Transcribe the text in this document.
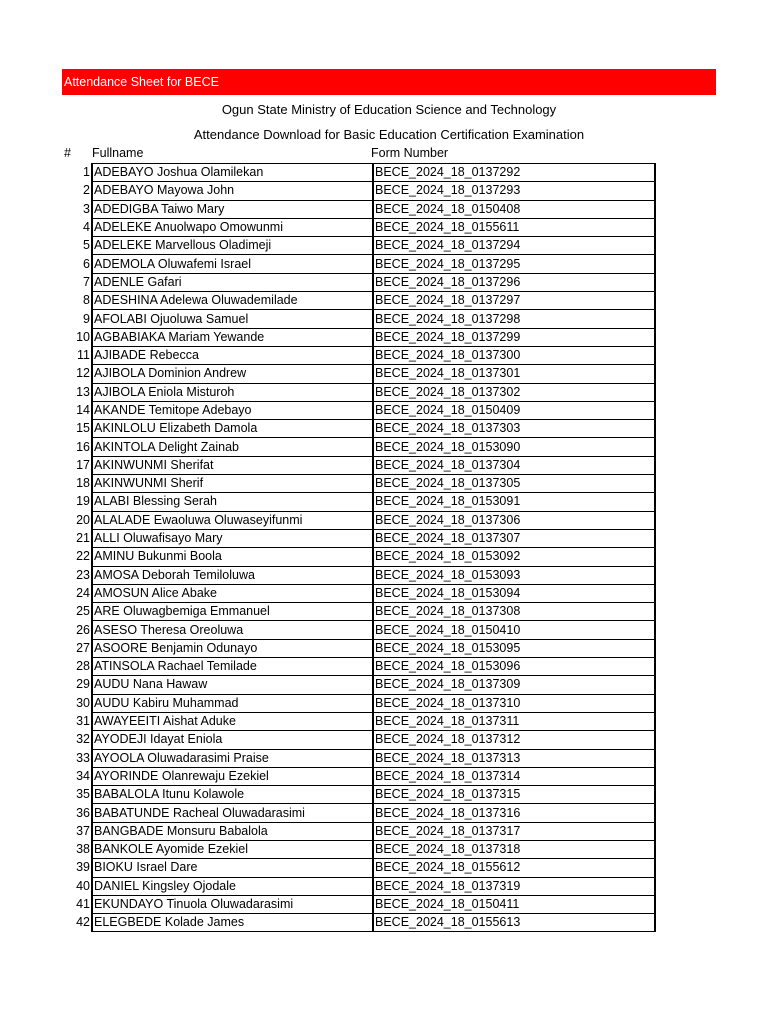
Attendance Sheet for BECE
Ogun State Ministry of Education Science and Technology
Attendance Download for Basic Education Certification Examination
# Fullname	Form Number
1	ADEBAYO Joshua Olamilekan	BECE_2024_18_0137292
2	ADEBAYO Mayowa John	BECE_2024_18_0137293
3	ADEDIGBA Taiwo Mary	BECE_2024_18_0150408
4	ADELEKE Anuolwapo Omowunmi	BECE_2024_18_0155611
5	ADELEKE Marvellous Oladimeji	BECE_2024_18_0137294
6	ADEMOLA Oluwafemi Israel	BECE_2024_18_0137295
7	ADENLE Gafari	BECE_2024_18_0137296
8	ADESHINA Adelewa Oluwademilade	BECE_2024_18_0137297
9	AFOLABI Ojuoluwa Samuel	BECE_2024_18_0137298
10	AGBABIAKA Mariam Yewande	BECE_2024_18_0137299
11	AJIBADE Rebecca	BECE_2024_18_0137300
12	AJIBOLA Dominion Andrew	BECE_2024_18_0137301
13	AJIBOLA Eniola Misturoh	BECE_2024_18_0137302
14	AKANDE Temitope Adebayo	BECE_2024_18_0150409
15	AKINLOLU Elizabeth Damola	BECE_2024_18_0137303
16	AKINTOLA Delight Zainab	BECE_2024_18_0153090
17	AKINWUNMI Sherifat	BECE_2024_18_0137304
18	AKINWUNMI Sherif	BECE_2024_18_0137305
19	ALABI Blessing Serah	BECE_2024_18_0153091
20	ALALADE Ewaoluwa Oluwaseyifunmi	BECE_2024_18_0137306
21	ALLI Oluwafisayo Mary	BECE_2024_18_0137307
22	AMINU Bukunmi Boola	BECE_2024_18_0153092
23	AMOSA Deborah Temiloluwa	BECE_2024_18_0153093
24	AMOSUN Alice Abake	BECE_2024_18_0153094
25	ARE Oluwagbemiga Emmanuel	BECE_2024_18_0137308
26	ASESO Theresa Oreoluwa	BECE_2024_18_0150410
27	ASOORE Benjamin Odunayo	BECE_2024_18_0153095
28	ATINSOLA Rachael Temilade	BECE_2024_18_0153096
29	AUDU Nana Hawaw	BECE_2024_18_0137309
30	AUDU Kabiru Muhammad	BECE_2024_18_0137310
31	AWAYEEITI Aishat Aduke	BECE_2024_18_0137311
32	AYODEJI Idayat Eniola	BECE_2024_18_0137312
33	AYOOLA Oluwadarasimi Praise	BECE_2024_18_0137313
34	AYORINDE Olanrewaju Ezekiel	BECE_2024_18_0137314
35	BABALOLA Itunu Kolawole	BECE_2024_18_0137315
36	BABATUNDE Racheal Oluwadarasimi	BECE_2024_18_0137316
37	BANGBADE Monsuru Babalola	BECE_2024_18_0137317
38	BANKOLE Ayomide Ezekiel	BECE_2024_18_0137318
39	BIOKU Israel Dare	BECE_2024_18_0155612
40	DANIEL Kingsley Ojodale	BECE_2024_18_0137319
41	EKUNDAYO Tinuola Oluwadarasimi	BECE_2024_18_0150411
42	ELEGBEDE Kolade James	BECE_2024_18_0155613
